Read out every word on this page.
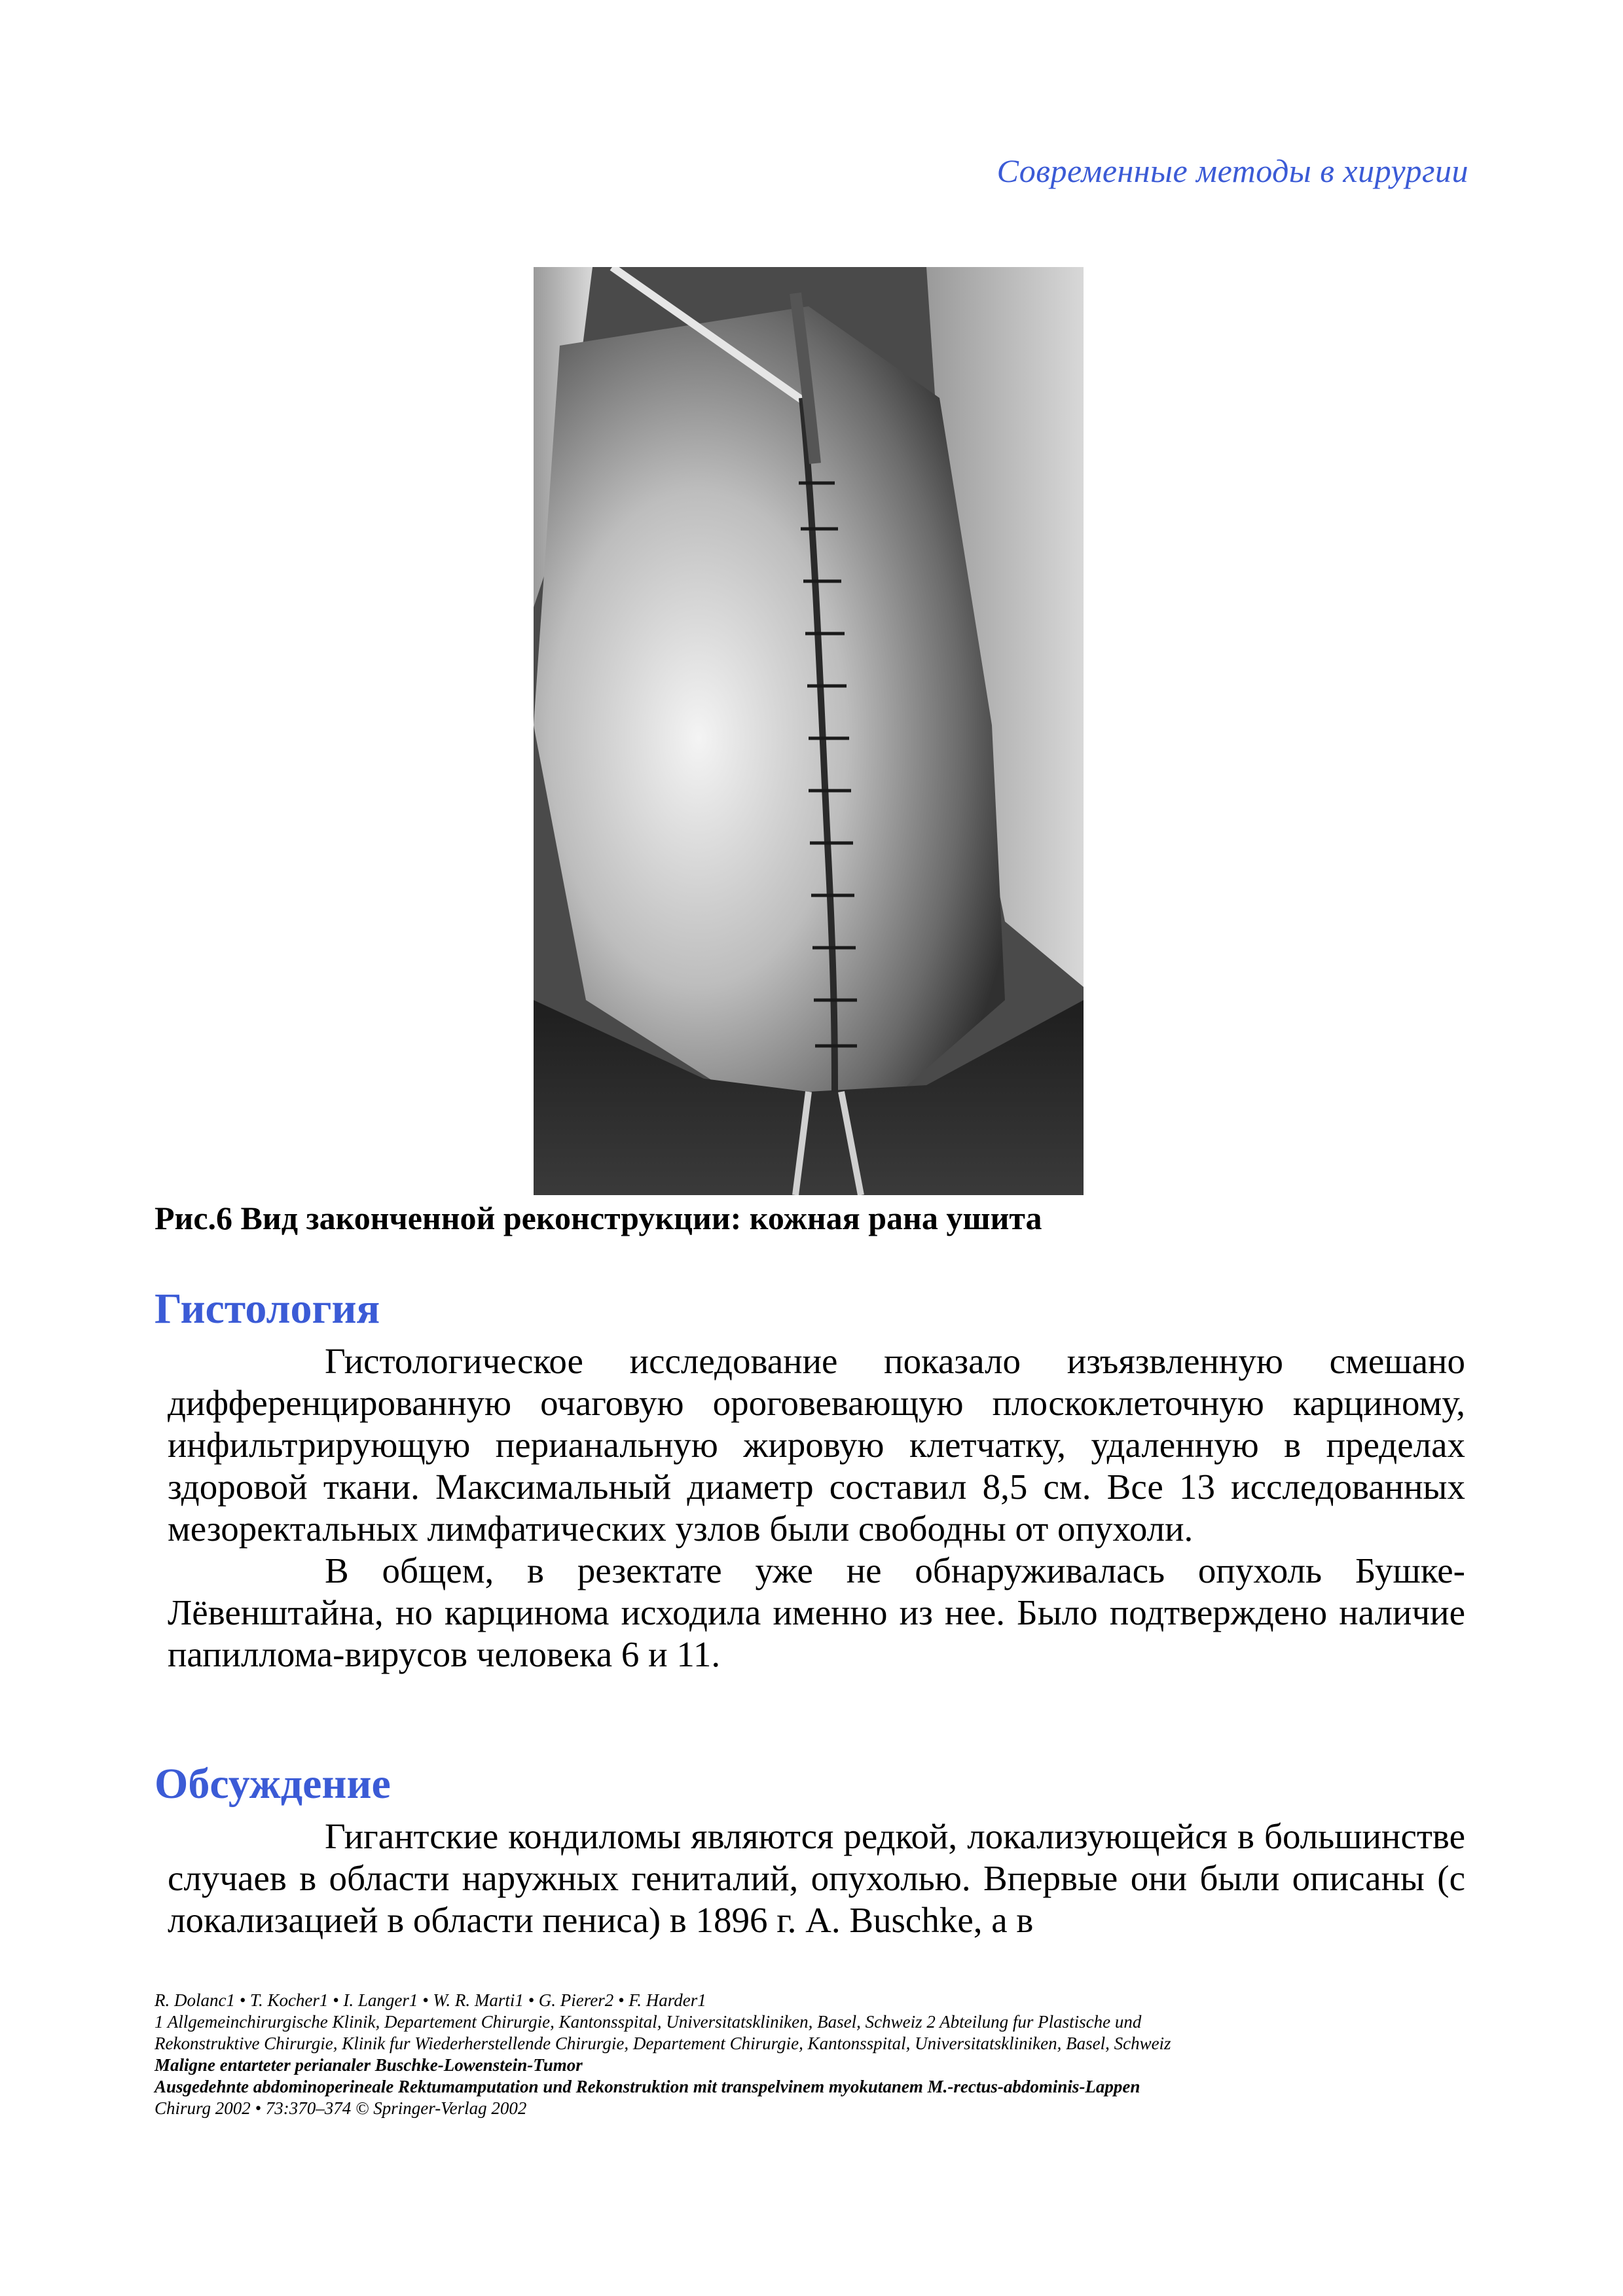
Современные методы в хирургии
Рис.6 Вид законченной реконструкции: кожная рана ушита
Гистология

Гистологическое исследование показало изъязвленную смешано дифференцированную очаговую ороговевающую плоскоклеточную карциному, инфильтрирующую перианальную жировую клетчатку, удаленную в пределах здоровой ткани. Максимальный диаметр составил 8,5 см. Все 13 исследованных мезоректальных лимфатических узлов были свободны от опухоли.

В общем, в резектате уже не обнаруживалась опухоль Бушке-Лёвенштайна, но карцинома исходила именно из нее. Было подтверждено наличие папиллома-вирусов человека 6 и 11.

Обсуждение

Гигантские кондиломы являются редкой, локализующейся в большинстве случаев в области наружных гениталий, опухолью. Впервые они были описаны (с локализацией в области пениса) в 1896 г. A. Buschke, а в

R. Dolanc1 • T. Kocher1 • I. Langer1 • W. R. Marti1 • G. Pierer2 • F. Harder1
1 Allgemeinchirurgische Klinik, Departement Chirurgie, Kantonsspital, Universitatskliniken, Basel, Schweiz 2 Abteilung fur Plastische und
Rekonstruktive Chirurgie, Klinik fur Wiederherstellende Chirurgie, Departement Chirurgie, Kantonsspital, Universitatskliniken, Basel, Schweiz
Maligne entarteter perianaler Buschke-Lowenstein-Tumor
Ausgedehnte abdominoperineale Rektumamputation und Rekonstruktion mit transpelvinem myokutanem M.-rectus-abdominis-Lappen
Chirurg 2002 • 73:370–374 © Springer-Verlag 2002
